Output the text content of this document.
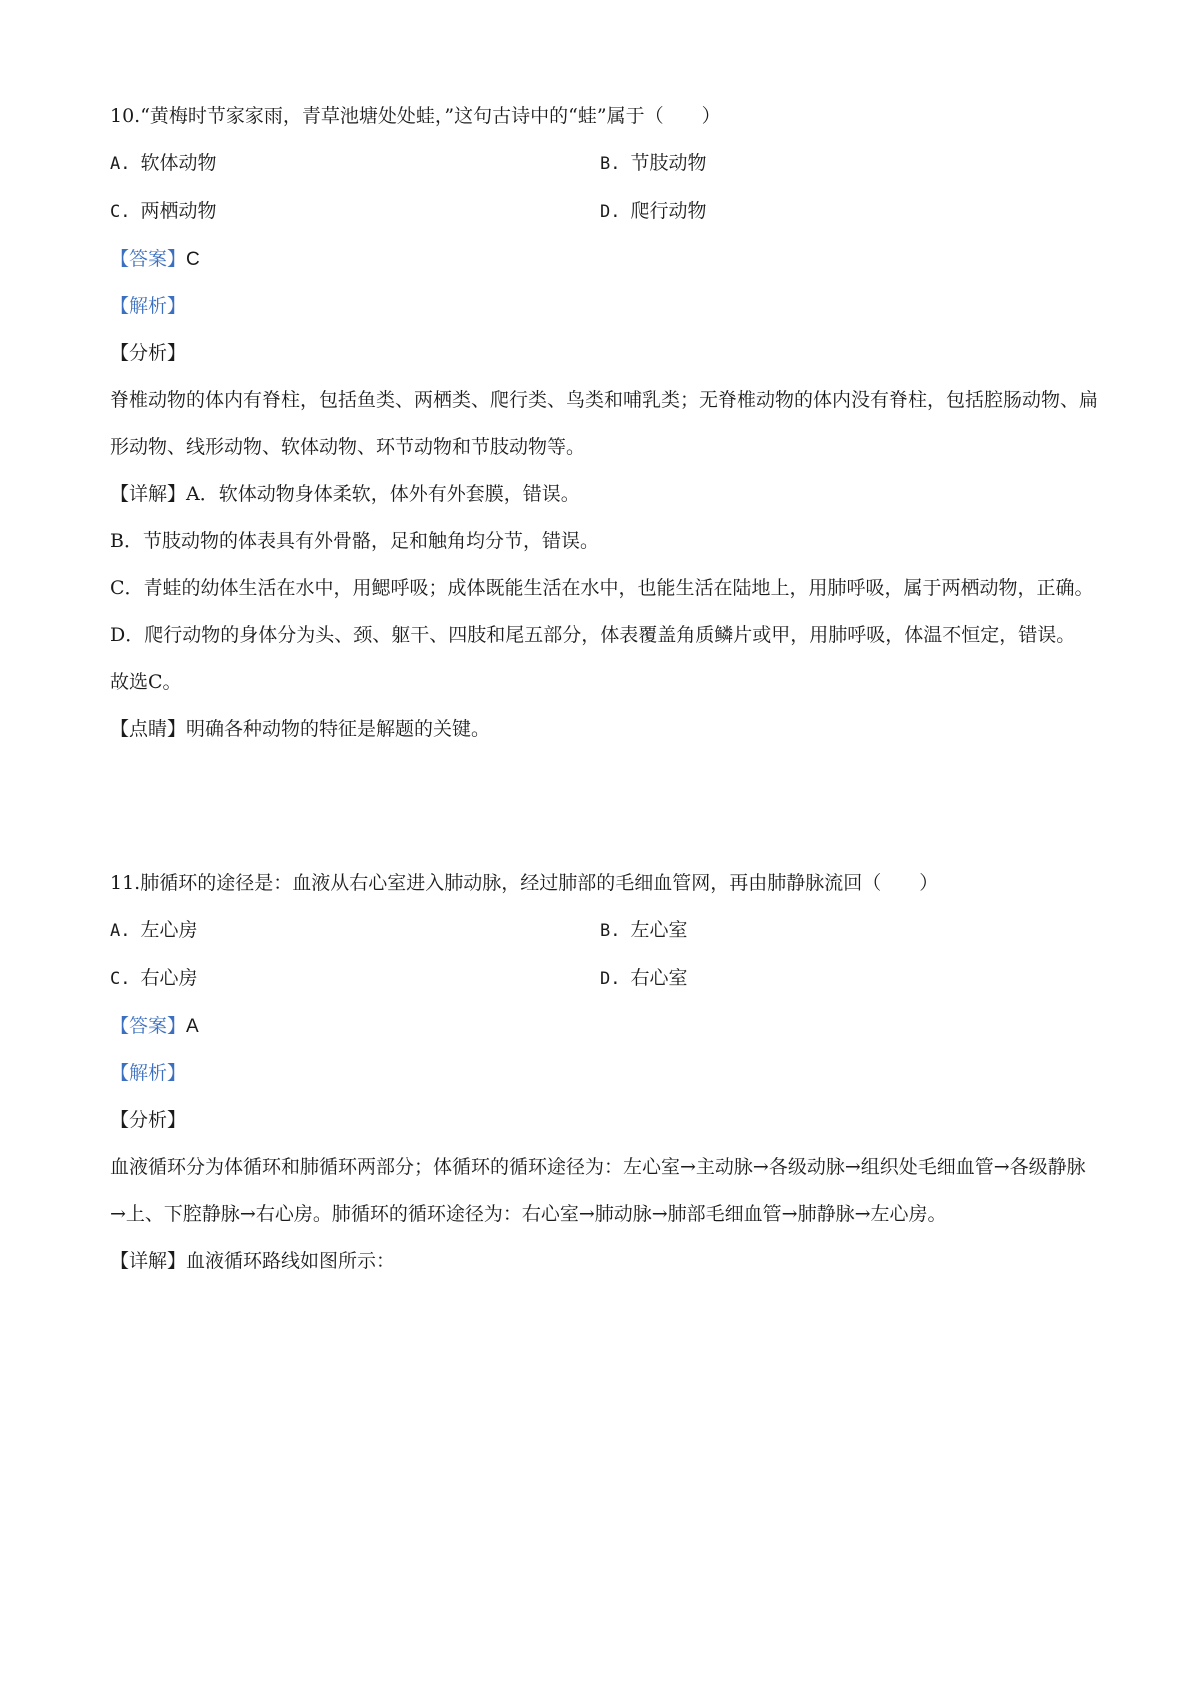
10.“黄梅时节家家雨，青草池塘处处蛙，”这句古诗中的“蛙”属于（　　）
A. 软体动物	B. 节肢动物
C. 两栖动物	D. 爬行动物
【答案】C
【解析】
【分析】
脊椎动物的体内有脊柱，包括鱼类、两栖类、爬行类、鸟类和哺乳类；无脊椎动物的体内没有脊柱，包括腔肠动物、扁形动物、线形动物、软体动物、环节动物和节肢动物等。
【详解】A．软体动物身体柔软，体外有外套膜，错误。
B．节肢动物的体表具有外骨骼，足和触角均分节，错误。
C．青蛙的幼体生活在水中，用鳃呼吸；成体既能生活在水中，也能生活在陆地上，用肺呼吸，属于两栖动物，正确。
D．爬行动物的身体分为头、颈、躯干、四肢和尾五部分，体表覆盖角质鳞片或甲，用肺呼吸，体温不恒定，错误。
故选C。
【点睛】明确各种动物的特征是解题的关键。
11.肺循环的途径是：血液从右心室进入肺动脉，经过肺部的毛细血管网，再由肺静脉流回（　　）
A. 左心房	B. 左心室
C. 右心房	D. 右心室
【答案】A
【解析】
【分析】
血液循环分为体循环和肺循环两部分；体循环的循环途径为：左心室→主动脉→各级动脉→组织处毛细血管→各级静脉→上、下腔静脉→右心房。肺循环的循环途径为：右心室→肺动脉→肺部毛细血管→肺静脉→左心房。
【详解】血液循环路线如图所示：
